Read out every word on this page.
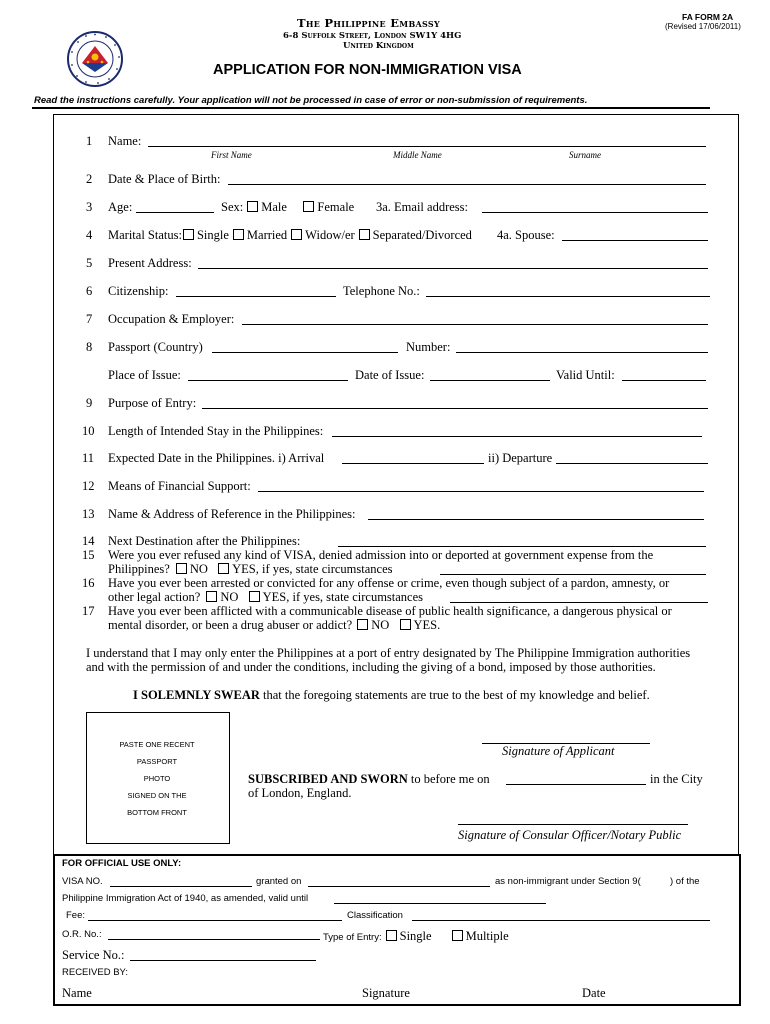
The Philippine Embassy
6-8 Suffolk Street, London SW1Y 4HG
United Kingdom
FA FORM 2A
(Revised 17/06/2011)
APPLICATION FOR NON-IMMIGRATION VISA
Read the instructions carefully. Your application will not be processed in case of error or non-submission of requirements.
1 Name:
First Name	Middle Name	Surname
2 Date & Place of Birth:
3 Age:	Sex: Male Female 3a. Email address:
4 Marital Status: Single Married Widow/er Separated/Divorced 4a. Spouse:
5 Present Address:
6 Citizenship:	Telephone No.:
7 Occupation & Employer:
8 Passport (Country)	Number:
Place of Issue:	Date of Issue:	Valid Until:
9 Purpose of Entry:
10 Length of Intended Stay in the Philippines:
11 Expected Date in the Philippines. i) Arrival	ii) Departure
12 Means of Financial Support:
13 Name & Address of Reference in the Philippines:
14 Next Destination after the Philippines:
15 Were you ever refused any kind of VISA, denied admission into or deported at government expense from the
Philippines? NO YES, if yes, state circumstances
16 Have you ever been arrested or convicted for any offense or crime, even though subject of a pardon, amnesty, or
other legal action? NO YES, if yes, state circumstances
17 Have you ever been afflicted with a communicable disease of public health significance, a dangerous physical or
mental disorder, or been a drug abuser or addict? NO YES.
I understand that I may only enter the Philippines at a port of entry designated by The Philippine Immigration authorities
and with the permission of and under the conditions, including the giving of a bond, imposed by those authorities.
I SOLEMNLY SWEAR that the foregoing statements are true to the best of my knowledge and belief.
PASTE ONE RECENT
PASSPORT
PHOTO
SIGNED ON THE
BOTTOM FRONT
Signature of Applicant
SUBSCRIBED AND SWORN to before me on	in the City
of London, England.
Signature of Consular Officer/Notary Public
FOR OFFICIAL USE ONLY:
VISA NO.	granted on	as non-immigrant under Section 9(	) of the
Philippine Immigration Act of 1940, as amended, valid until
Fee:	Classification
O.R. No.:	Type of Entry: Single	Multiple
Service No.:
RECEIVED BY:
Name	Signature	Date
